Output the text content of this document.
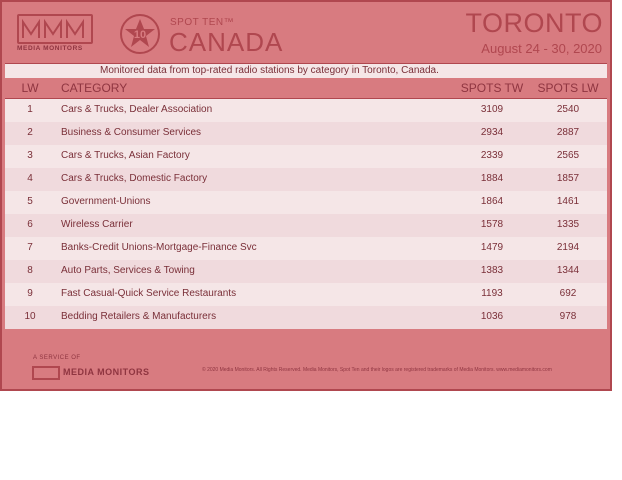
MEDIA MONITORS
10
SPOT TEN™
CANADA
TORONTO
August 24 - 30, 2020
Monitored data from top-rated radio stations by category in Toronto, Canada.
LW	CATEGORY	SPOTS TW	SPOTS LW
1	Cars & Trucks, Dealer Association	3109	2540
2	Business & Consumer Services	2934	2887
3	Cars & Trucks, Asian Factory	2339	2565
4	Cars & Trucks, Domestic Factory	1884	1857
5	Government-Unions	1864	1461
6	Wireless Carrier	1578	1335
7	Banks-Credit Unions-Mortgage-Finance Svc	1479	2194
8	Auto Parts, Services & Towing	1383	1344
9	Fast Casual-Quick Service Restaurants	1193	692
10	Bedding Retailers & Manufacturers	1036	978
A SERVICE OF
MEDIA MONITORS	© 2020 Media Monitors. All Rights Reserved. Media Monitors, Spot Ten and their logos are registered trademarks of Media Monitors. www.mediamonitors.com
